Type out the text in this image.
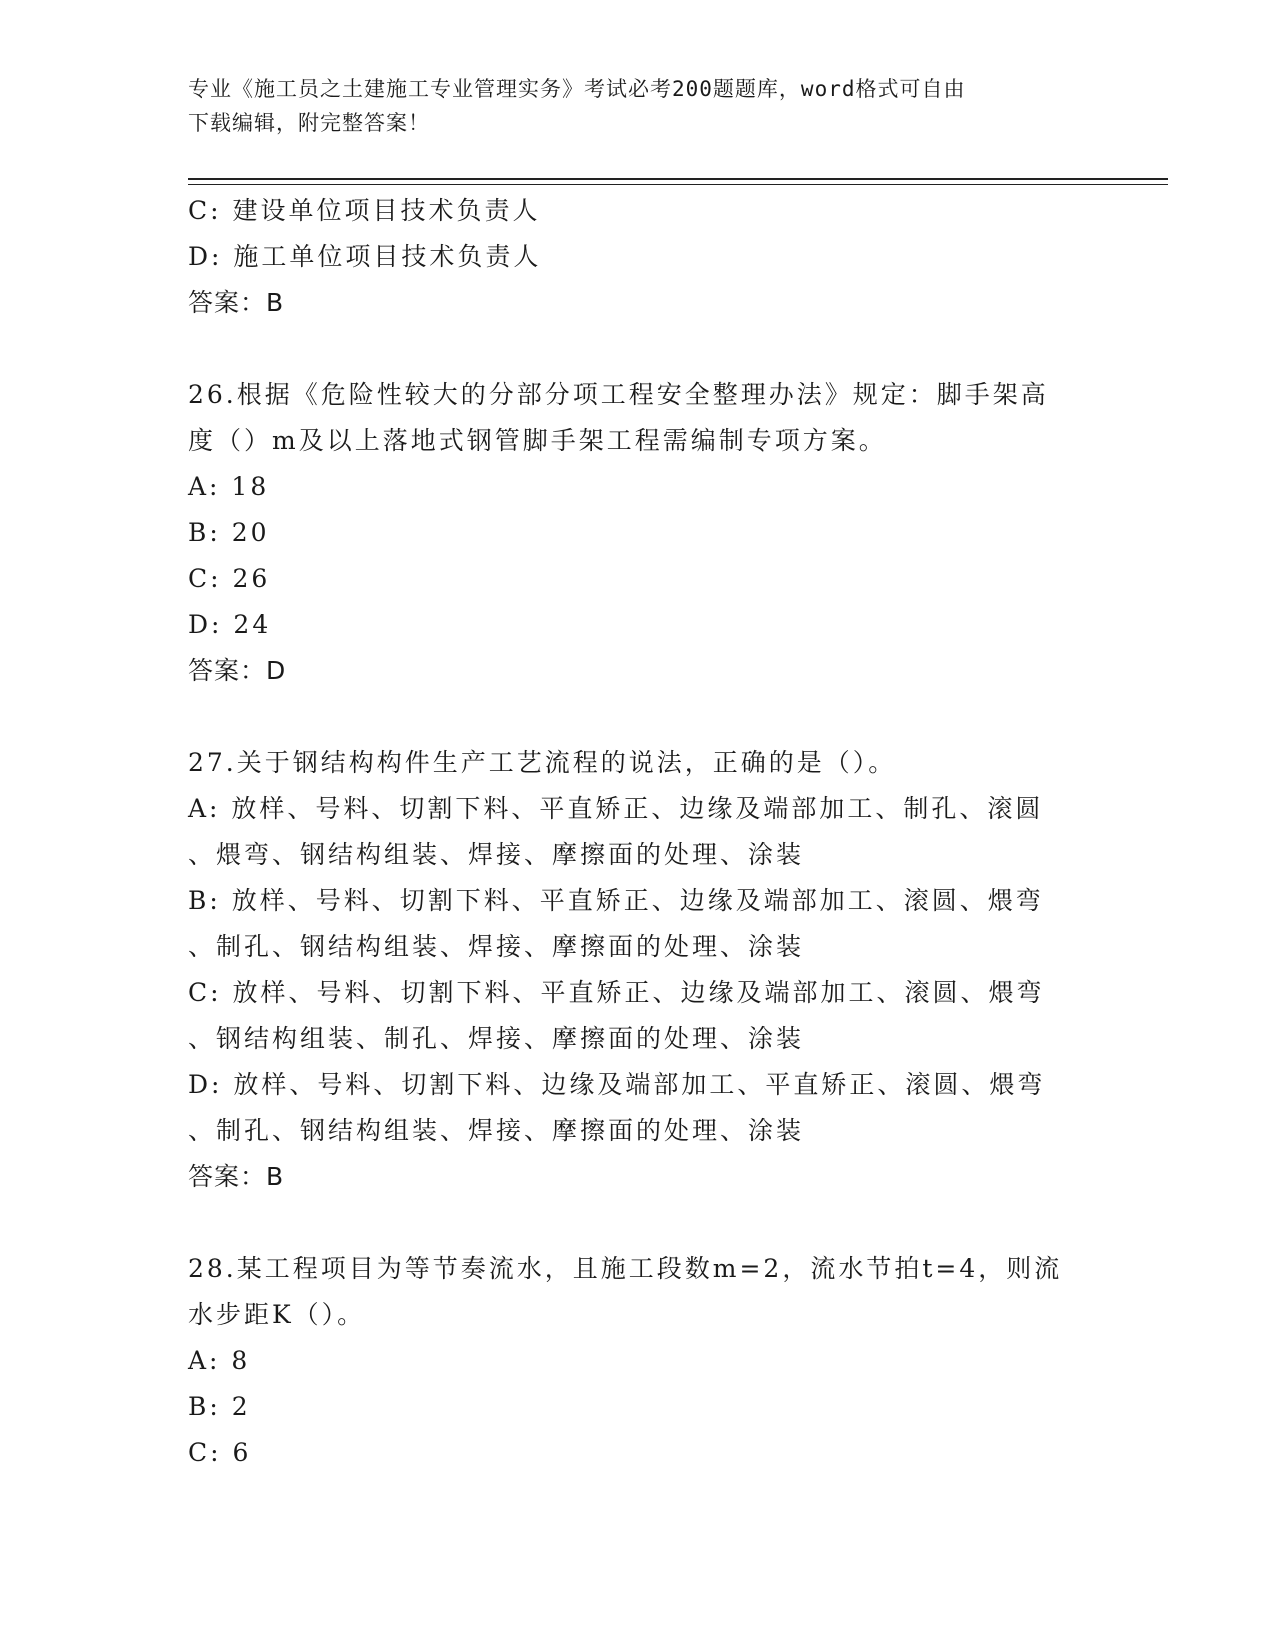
专业《施工员之土建施工专业管理实务》考试必考200题题库，word格式可自由
下载编辑，附完整答案！
C: 建设单位项目技术负责人
D: 施工单位项目技术负责人
答案：B
26.根据《危险性较大的分部分项工程安全整理办法》规定：脚手架高
度（）m及以上落地式钢管脚手架工程需编制专项方案。
A: 18
B: 20
C: 26
D: 24
答案：D
27.关于钢结构构件生产工艺流程的说法，正确的是（）。
A: 放样、号料、切割下料、平直矫正、边缘及端部加工、制孔、滚圆
、煨弯、钢结构组装、焊接、摩擦面的处理、涂装
B: 放样、号料、切割下料、平直矫正、边缘及端部加工、滚圆、煨弯
、制孔、钢结构组装、焊接、摩擦面的处理、涂装
C: 放样、号料、切割下料、平直矫正、边缘及端部加工、滚圆、煨弯
、钢结构组装、制孔、焊接、摩擦面的处理、涂装
D: 放样、号料、切割下料、边缘及端部加工、平直矫正、滚圆、煨弯
、制孔、钢结构组装、焊接、摩擦面的处理、涂装
答案：B
28.某工程项目为等节奏流水，且施工段数m=2，流水节拍t=4，则流
水步距K（）。
A: 8
B: 2
C: 6
